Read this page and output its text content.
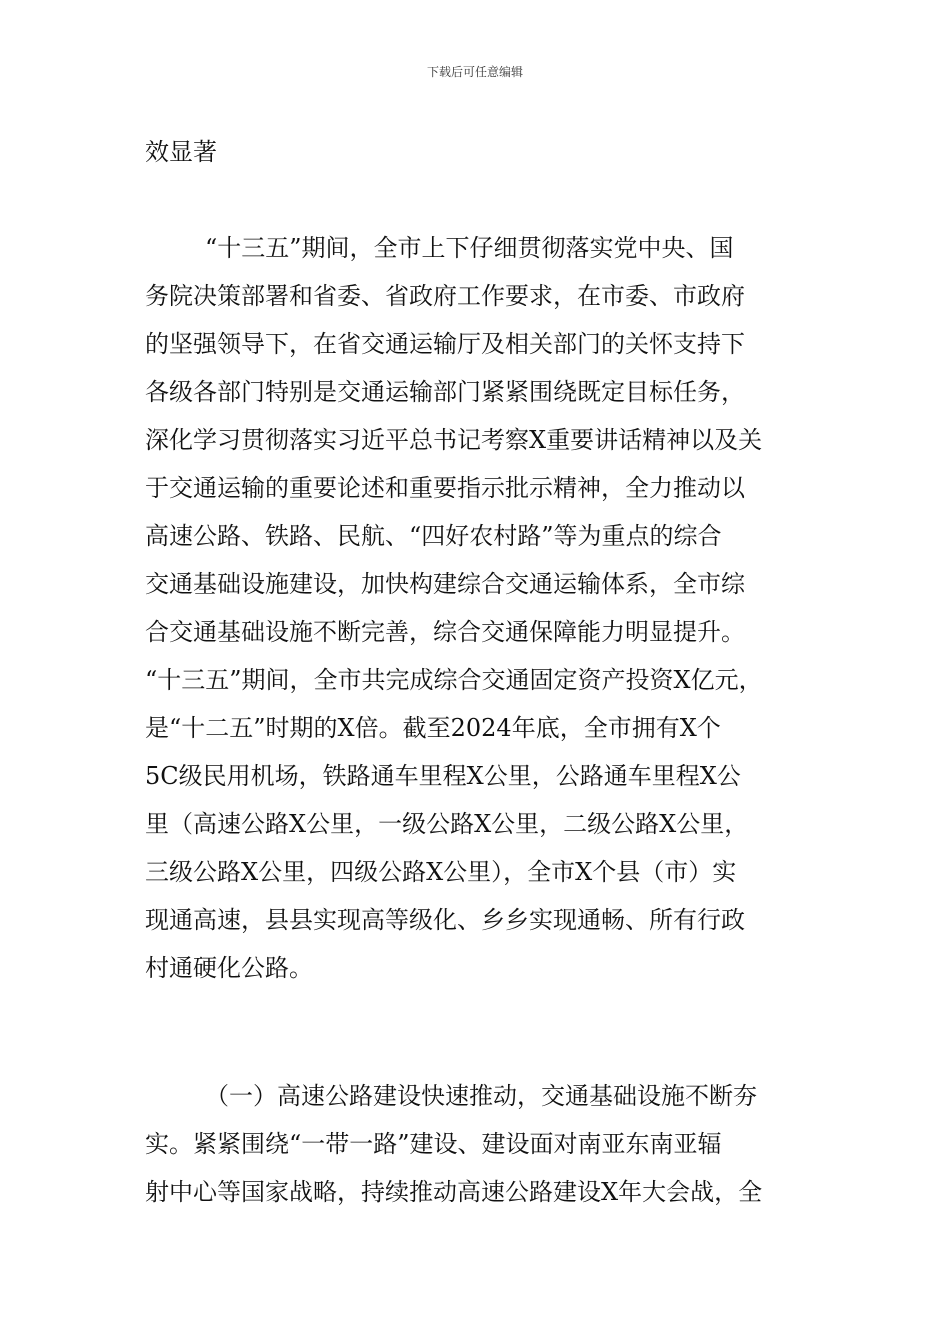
下载后可任意编辑
效显著
“十三五”期间，全市上下仔细贯彻落实党中央、国
务院决策部署和省委、省政府工作要求，在市委、市政府
的坚强领导下，在省交通运输厅及相关部门的关怀支持下
各级各部门特别是交通运输部门紧紧围绕既定目标任务，
深化学习贯彻落实习近平总书记考察X重要讲话精神以及关
于交通运输的重要论述和重要指示批示精神，全力推动以
高速公路、铁路、民航、“四好农村路”等为重点的综合
交通基础设施建设，加快构建综合交通运输体系，全市综
合交通基础设施不断完善，综合交通保障能力明显提升。
“十三五”期间，全市共完成综合交通固定资产投资X亿元，
是“十二五”时期的X倍。截至2024年底，全市拥有X个
5C级民用机场，铁路通车里程X公里，公路通车里程X公
里（高速公路X公里，一级公路X公里，二级公路X公里，
三级公路X公里，四级公路X公里），全市X个县（市）实
现通高速，县县实现高等级化、乡乡实现通畅、所有行政
村通硬化公路。
（一）高速公路建设快速推动，交通基础设施不断夯
实。紧紧围绕“一带一路”建设、建设面对南亚东南亚辐
射中心等国家战略，持续推动高速公路建设X年大会战，全
